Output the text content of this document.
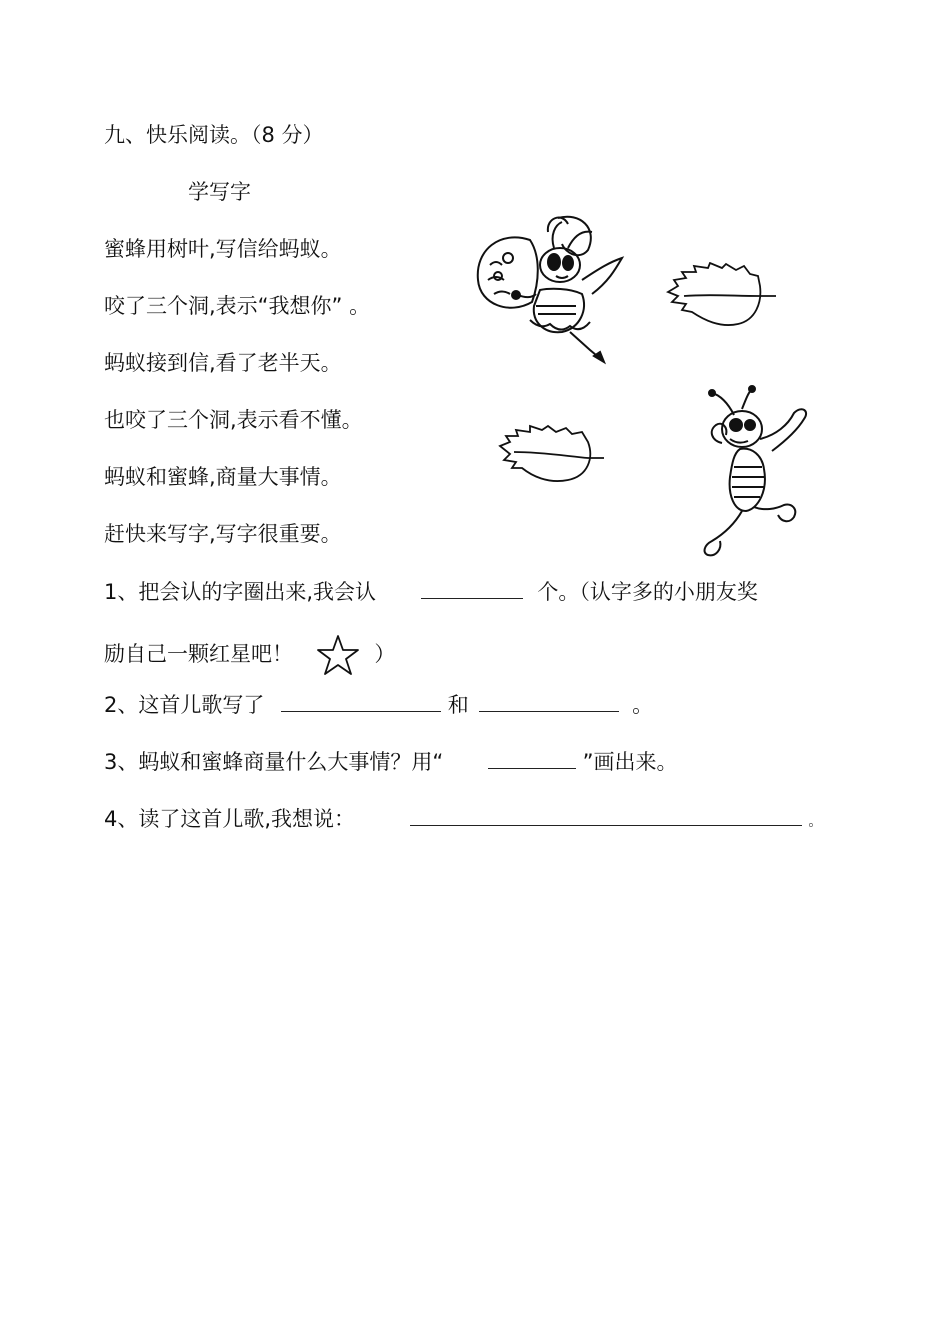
九、快乐阅读。（8 分）
学写字
蜜蜂用树叶,写信给蚂蚁。
咬了三个洞,表示“我想你” 。
蚂蚁接到信,看了老半天。
也咬了三个洞,表示看不懂。
蚂蚁和蜜蜂,商量大事情。
赶快来写字,写字很重要。
1、把会认的字圈出来,我会认	个。（认字多的小朋友奖
励自己一颗红星吧！	）
2、这首儿歌写了	和	。
3、蚂蚁和蜜蜂商量什么大事情？用“	”画出来。
4、读了这首儿歌,我想说：	。
